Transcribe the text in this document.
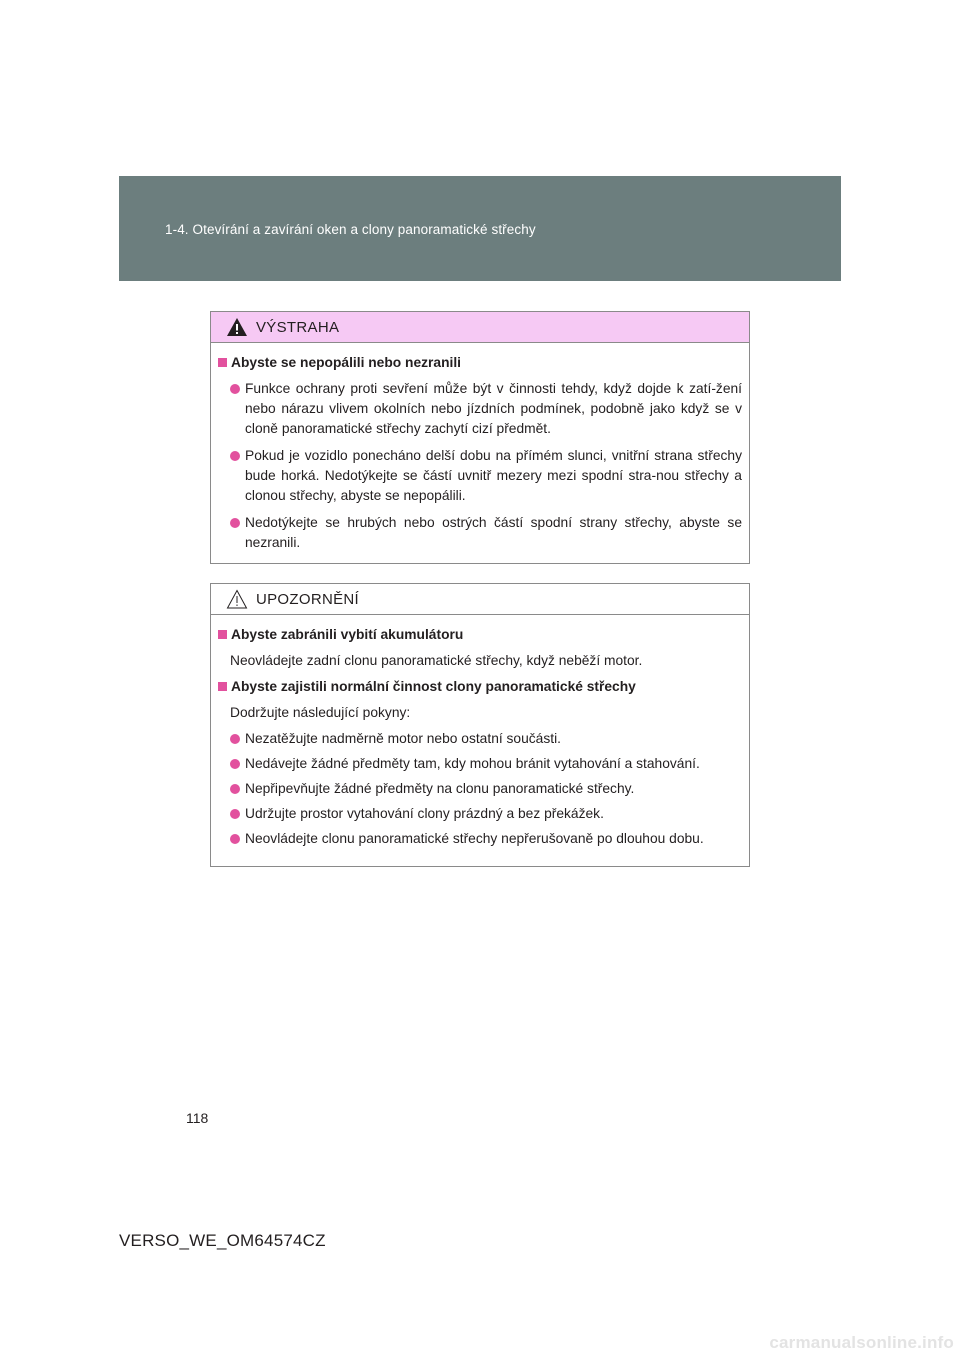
1-4. Otevírání a zavírání oken a clony panoramatické střechy
VÝSTRAHA
Abyste se nepopálili nebo nezranili
Funkce ochrany proti sevření může být v činnosti tehdy, když dojde k zatí-žení nebo nárazu vlivem okolních nebo jízdních podmínek, podobně jako když se v cloně panoramatické střechy zachytí cizí předmět.
Pokud je vozidlo ponecháno delší dobu na přímém slunci, vnitřní strana střechy bude horká. Nedotýkejte se částí uvnitř mezery mezi spodní stra-nou střechy a clonou střechy, abyste se nepopálili.
Nedotýkejte se hrubých nebo ostrých částí spodní strany střechy, abyste se nezranili.
UPOZORNĚNÍ
Abyste zabránili vybití akumulátoru
Neovládejte zadní clonu panoramatické střechy, když neběží motor.
Abyste zajistili normální činnost clony panoramatické střechy
Dodržujte následující pokyny:
Nezatěžujte nadměrně motor nebo ostatní součásti.
Nedávejte žádné předměty tam, kdy mohou bránit vytahování a stahování.
Nepřipevňujte žádné předměty na clonu panoramatické střechy.
Udržujte prostor vytahování clony prázdný a bez překážek.
Neovládejte clonu panoramatické střechy nepřerušovaně po dlouhou dobu.
118
VERSO_WE_OM64574CZ
carmanualsonline.info
